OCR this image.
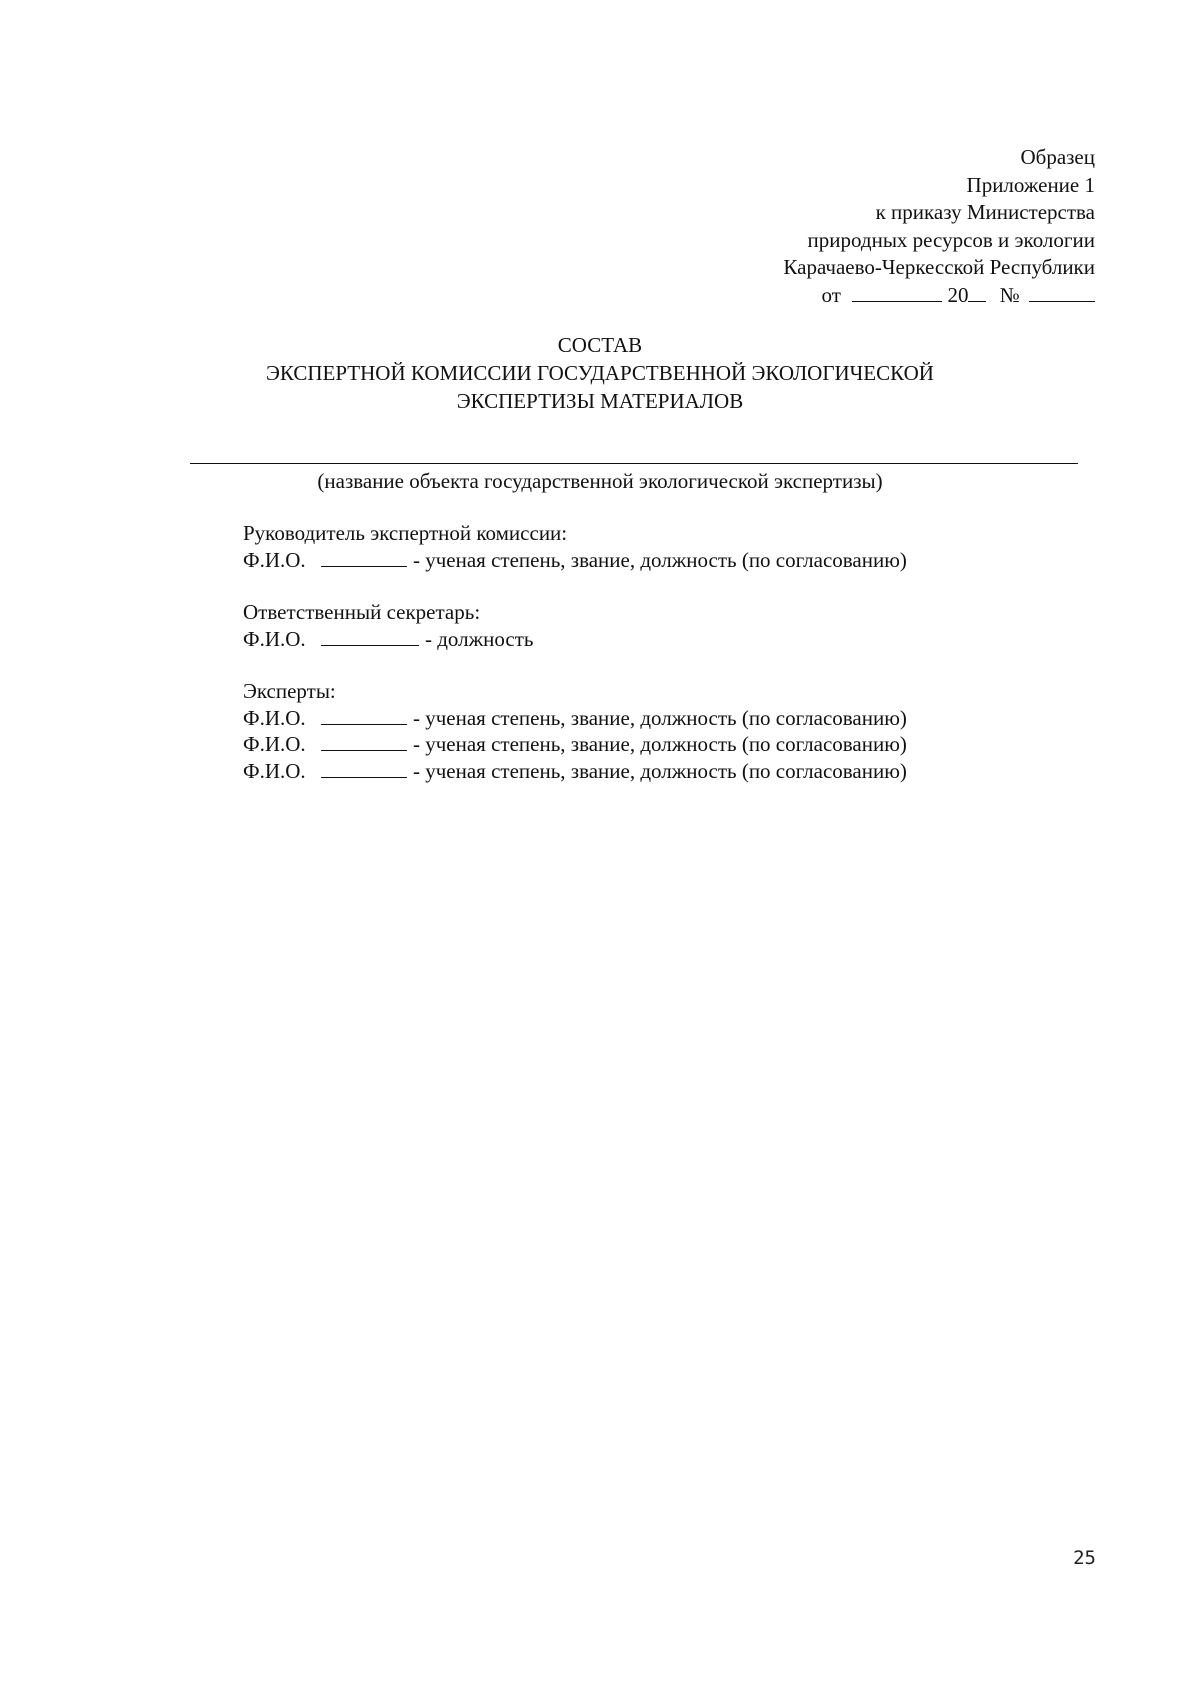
Образец
Приложение 1
к приказу Министерства
природных ресурсов и экологии
Карачаево-Черкесской Республики
от	20 №
СОСТАВ
ЭКСПЕРТНОЙ КОМИССИИ ГОСУДАРСТВЕННОЙ ЭКОЛОГИЧЕСКОЙ
ЭКСПЕРТИЗЫ МАТЕРИАЛОВ
(название объекта государственной экологической экспертизы)
Руководитель экспертной комиссии:
Ф.И.О.	- ученая степень, звание, должность (по согласованию)
Ответственный секретарь:
Ф.И.О.	- должность
Эксперты:
Ф.И.О.	- ученая степень, звание, должность (по согласованию)
Ф.И.О.	- ученая степень, звание, должность (по согласованию)
Ф.И.О.	- ученая степень, звание, должность (по согласованию)
25
